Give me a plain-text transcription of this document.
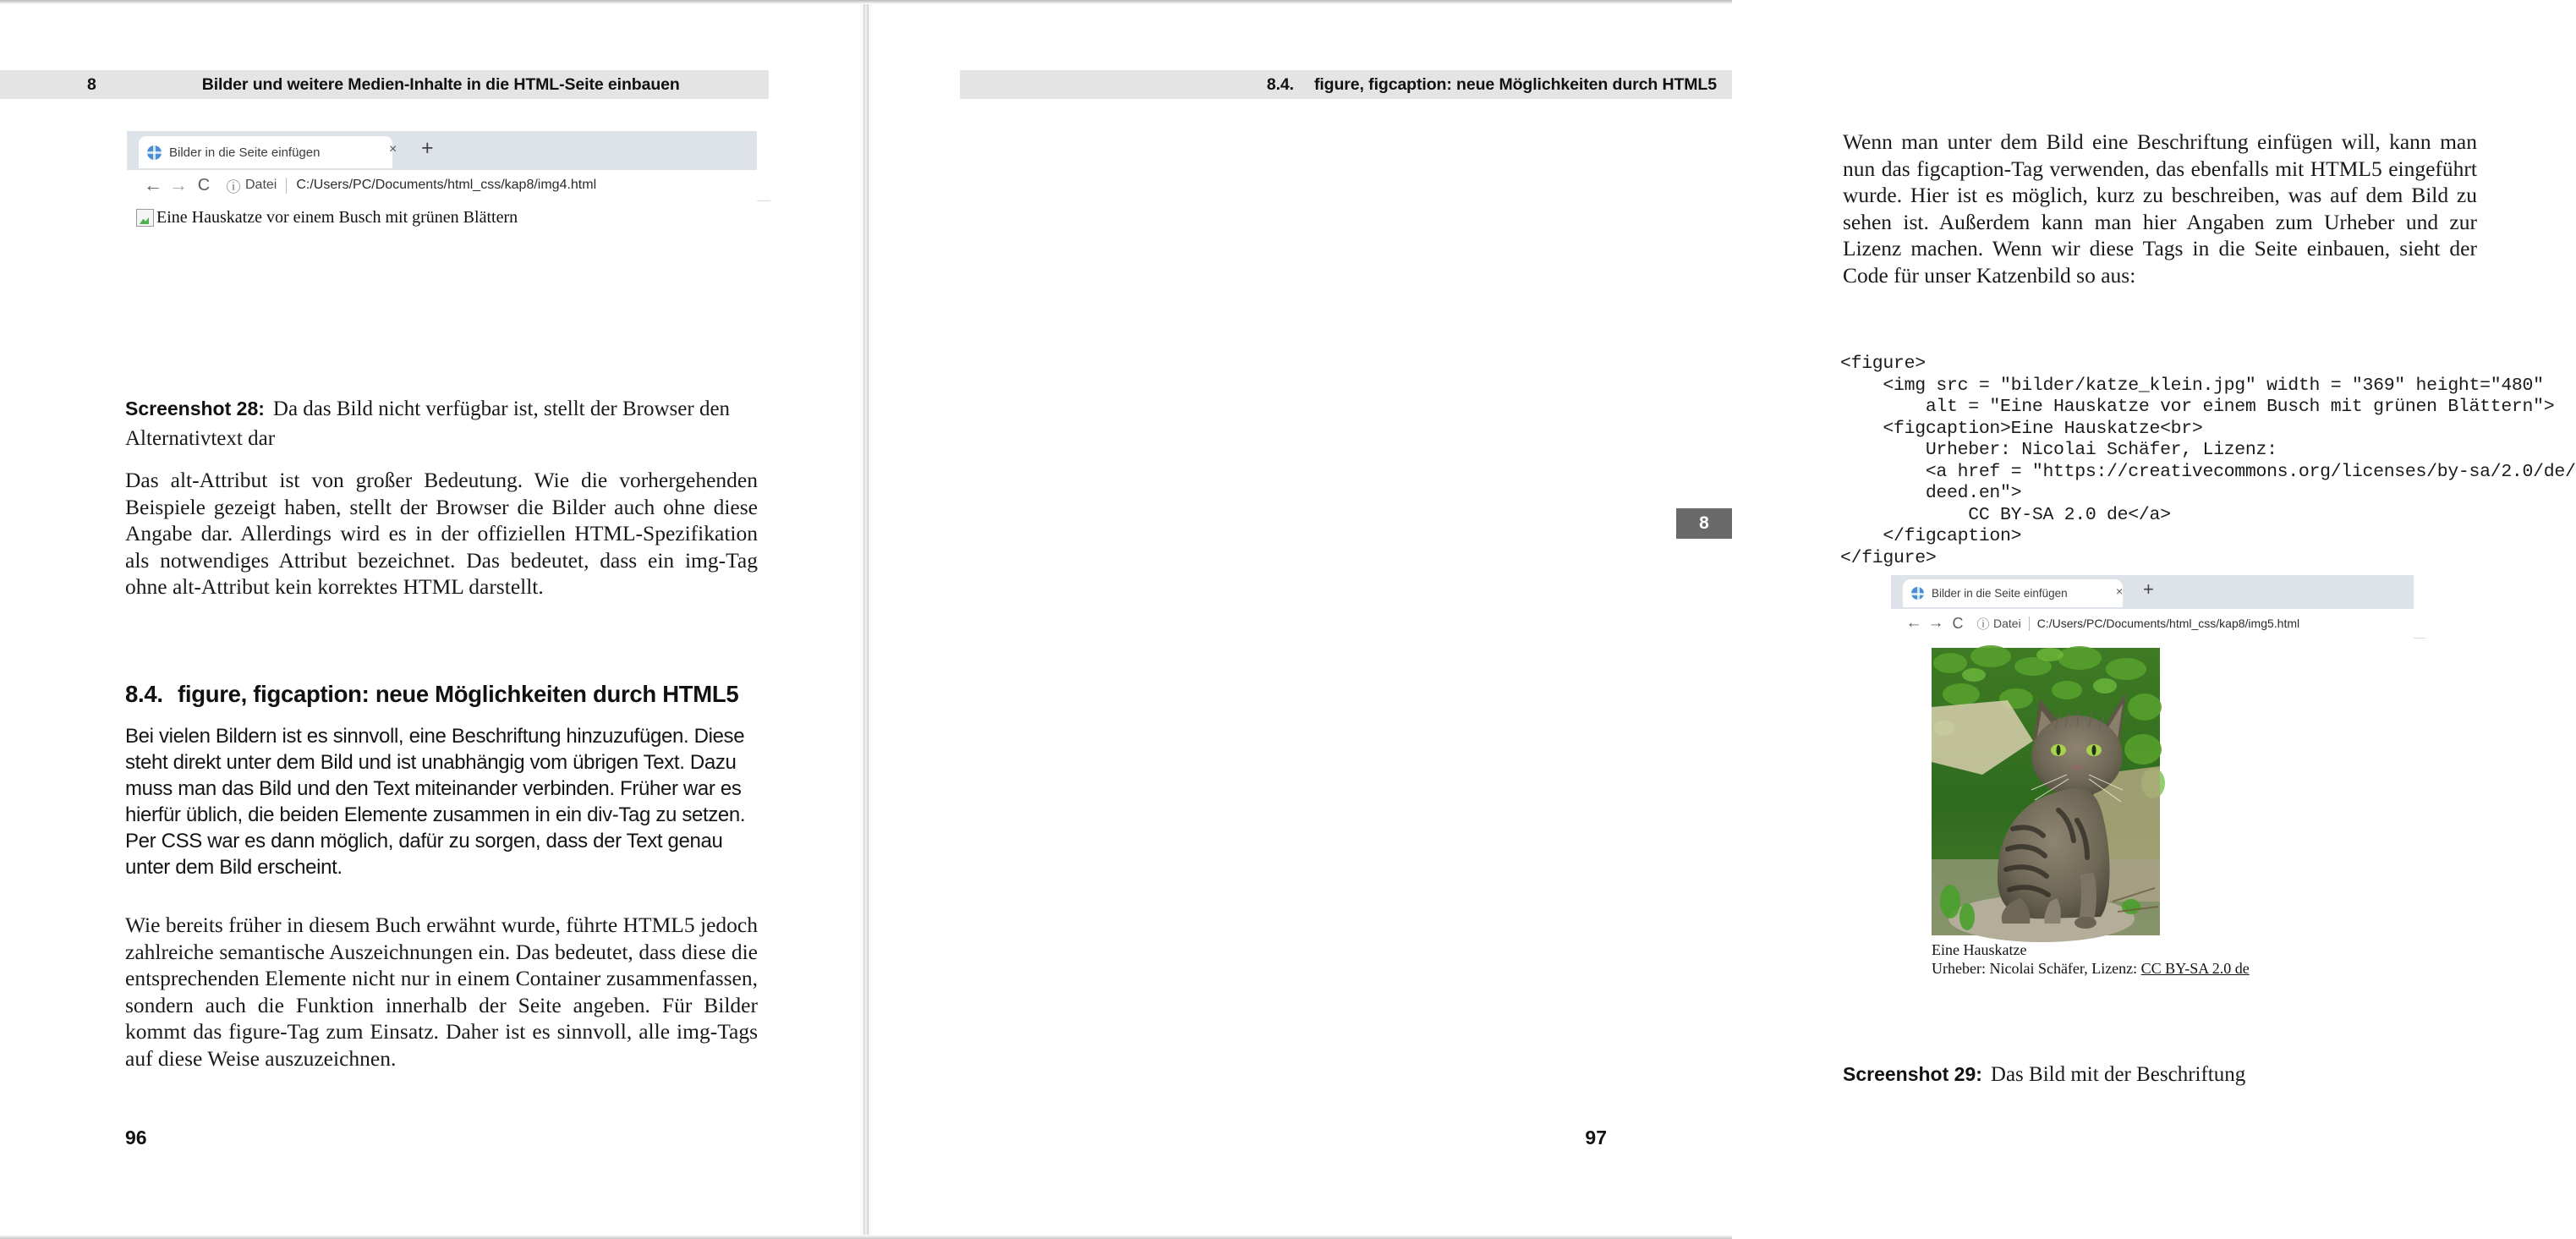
8	Bilder und weitere Medien-Inhalte in die HTML-Seite einbauen
Bilder in die Seite einfügen	× +
← → C	ⓘ Datei C:/Users/PC/Documents/html_css/kap8/img4.html
Eine Hauskatze vor einem Busch mit grünen Blättern
Screenshot 28: Da das Bild nicht verfügbar ist, stellt der Browser den Alternativtext dar

Das alt-Attribut ist von großer Bedeutung. Wie die vorhergehenden Beispiele gezeigt haben, stellt der Browser die Bilder auch ohne diese Angabe dar. Allerdings wird es in der offiziellen HTML-Spezifikation als notwendiges Attribut bezeichnet. Das bedeutet, dass ein img-Tag ohne alt-Attribut kein korrektes HTML darstellt.

8.4. figure, figcaption: neue Möglichkeiten durch HTML5

Bei vielen Bildern ist es sinnvoll, eine Beschriftung hinzuzufügen. Diese steht direkt unter dem Bild und ist unabhängig vom übrigen Text. Dazu muss man das Bild und den Text miteinander verbinden. Früher war es hierfür üblich, die beiden Elemente zusammen in ein div-Tag zu setzen. Per CSS war es dann möglich, dafür zu sorgen, dass der Text genau unter dem Bild erscheint.

Wie bereits früher in diesem Buch erwähnt wurde, führte HTML5 jedoch zahlreiche semantische Auszeichnungen ein. Das bedeutet, dass diese die entsprechenden Elemente nicht nur in einem Container zusammenfassen, sondern auch die Funktion innerhalb der Seite angeben. Für Bilder kommt das figure-Tag zum Einsatz. Daher ist es sinnvoll, alle img-Tags auf diese Weise auszuzeichnen.

96
8.4. figure, figcaption: neue Möglichkeiten durch HTML5

Wenn man unter dem Bild eine Beschriftung einfügen will, kann man nun das figcaption-Tag verwenden, das ebenfalls mit HTML5 eingeführt wurde. Hier ist es möglich, kurz zu beschreiben, was auf dem Bild zu sehen ist. Außerdem kann man hier Angaben zum Urheber und zur Lizenz machen. Wenn wir diese Tags in die Seite einbauen, sieht der Code für unser Katzenbild so aus:

<figure>
<img src = "bilder/katze_klein.jpg" width = "369" height="480"
alt = "Eine Hauskatze vor einem Busch mit grünen Blättern">
<figcaption>Eine Hauskatze<br>
Urheber: Nicolai Schäfer, Lizenz:
<a href = "https://creativecommons.org/licenses/by-sa/2.0/de/
deed.en">
CC BY-SA 2.0 de</a>
</figcaption>
</figure>
Bilder in die Seite einfügen	× +
← → C	ⓘ Datei C:/Users/PC/Documents/html_css/kap8/img5.html
Eine Hauskatze
Urheber: Nicolai Schäfer, Lizenz: CC BY-SA 2.0 de
Screenshot 29: Das Bild mit der Beschriftung
8
97
